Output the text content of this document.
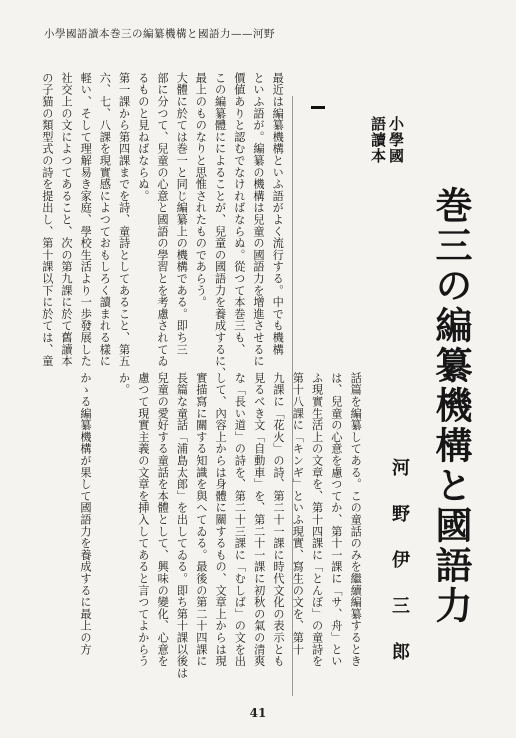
小學國語讀本巻三の編纂機構と國語力——河野
最近は編纂機構といふ語がよく流行する。中でも機構
といふ語が。編纂の機構は兒童の國語力を增進させるに
價値ありと認むでなければならぬ。從つて本巻三も、
この編纂體にによることが、兒童の國語力を養成するに、
最上のものなりと思惟されたものであらう。
大體に於ては巻一と同じ編纂上の機構である。即ち三
部に分つて、兒童の心意と國語の學習とを考慮されてゐ
るものと見ねばならぬ。
第一課から第四課までを詩、童詩としてあること、第五
六、七、八課を現實感によつておもしろく讀まれる樣に
軽い、そして理解易き家庭、學校生活より一歩發展した
社交上の文によつてあること、次の第九課に於て舊讀本
の子猫の類型式の詩を提出し、第十課以下に於ては、童	小學國
語讀本
巻三の編纂機構と國語力
河野伊三郎
話篇を編纂してある。この童話のみを繼續編纂するとき
は、兒童の心意を慮つてか、第十一課に「サ、舟」とい
ふ現實生活上の文章を、第十四課に「とんぼ」の童詩を
第十八課に「キンギ」といふ現實、寫生の文を、第十
九課に「花火」の詩、第二十一課に時代文化の表示とも
見るべき文「自動車」を、第二十一課に初秋の氣の清爽
な「長い道」の詩を、第二十三課に「むしば」の文を出
して、內容上からは身體に關するもの、文章上からは現
實描寫に關する知識を與へてゐる。最後の第二十四課に
長篇な童話「浦島太郎」を出してゐる。即ち第十課以後は
兒童の愛好する童話を本體として、興味の變化、心意を
慮つて現實主義の文章を挿入してあると言つてよからう
か。
かゝる編纂機構が果して國語力を養成するに最上の方
41
